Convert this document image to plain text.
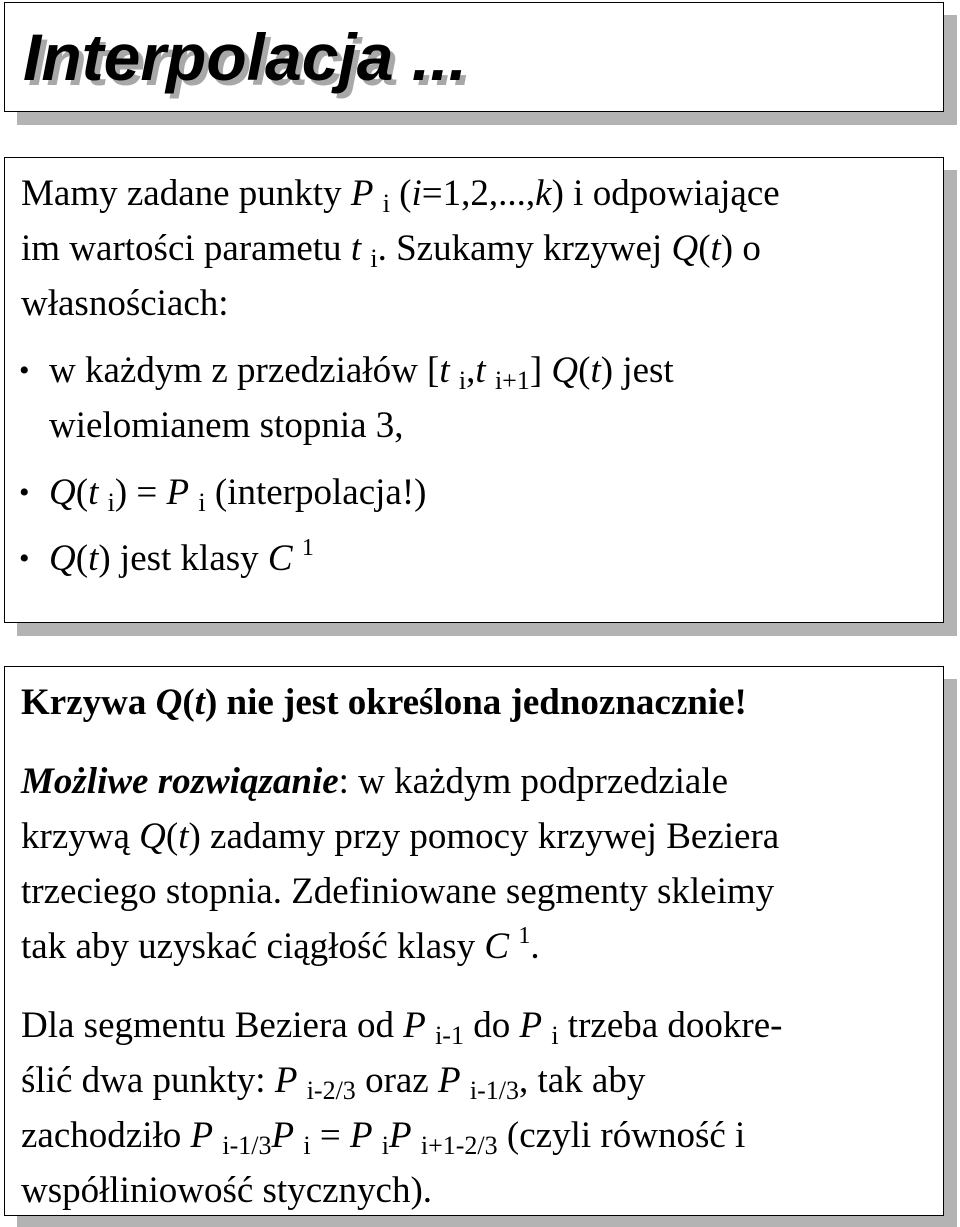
Interpolacja ...
Mamy zadane punkty P $_i$ (i=1,2,...,k) i odpowiające
im wartości parametu t $_i$. Szukamy krzywej Q(t) o
własnościach:
• w każdym z przedziałów [t $_i$,t $_{i+1}$] Q(t) jest
wielomianem stopnia 3,
• Q(t $_i$) = P $_i$ (interpolacja!)
• Q(t) jest klasy C $^1$
Krzywa Q(t) nie jest określona jednoznacznie!
Możliwe rozwiązanie: w każdym podprzedziale
krzywą Q(t) zadamy przy pomocy krzywej Beziera
trzeciego stopnia. Zdefiniowane segmenty skleimy
tak aby uzyskać ciągłość klasy C $^1$.
Dla segmentu Beziera od P $_{i-1}$ do P $_i$ trzeba dookre-
ślić dwa punkty: P $_{i-2/3}$ oraz P $_{i-1/3}$, tak aby
zachodziło P $_{i-1/3}$P $_i$ = P $_i$P $_{i+1-2/3}$ (czyli równość i
współliniowość stycznych).
